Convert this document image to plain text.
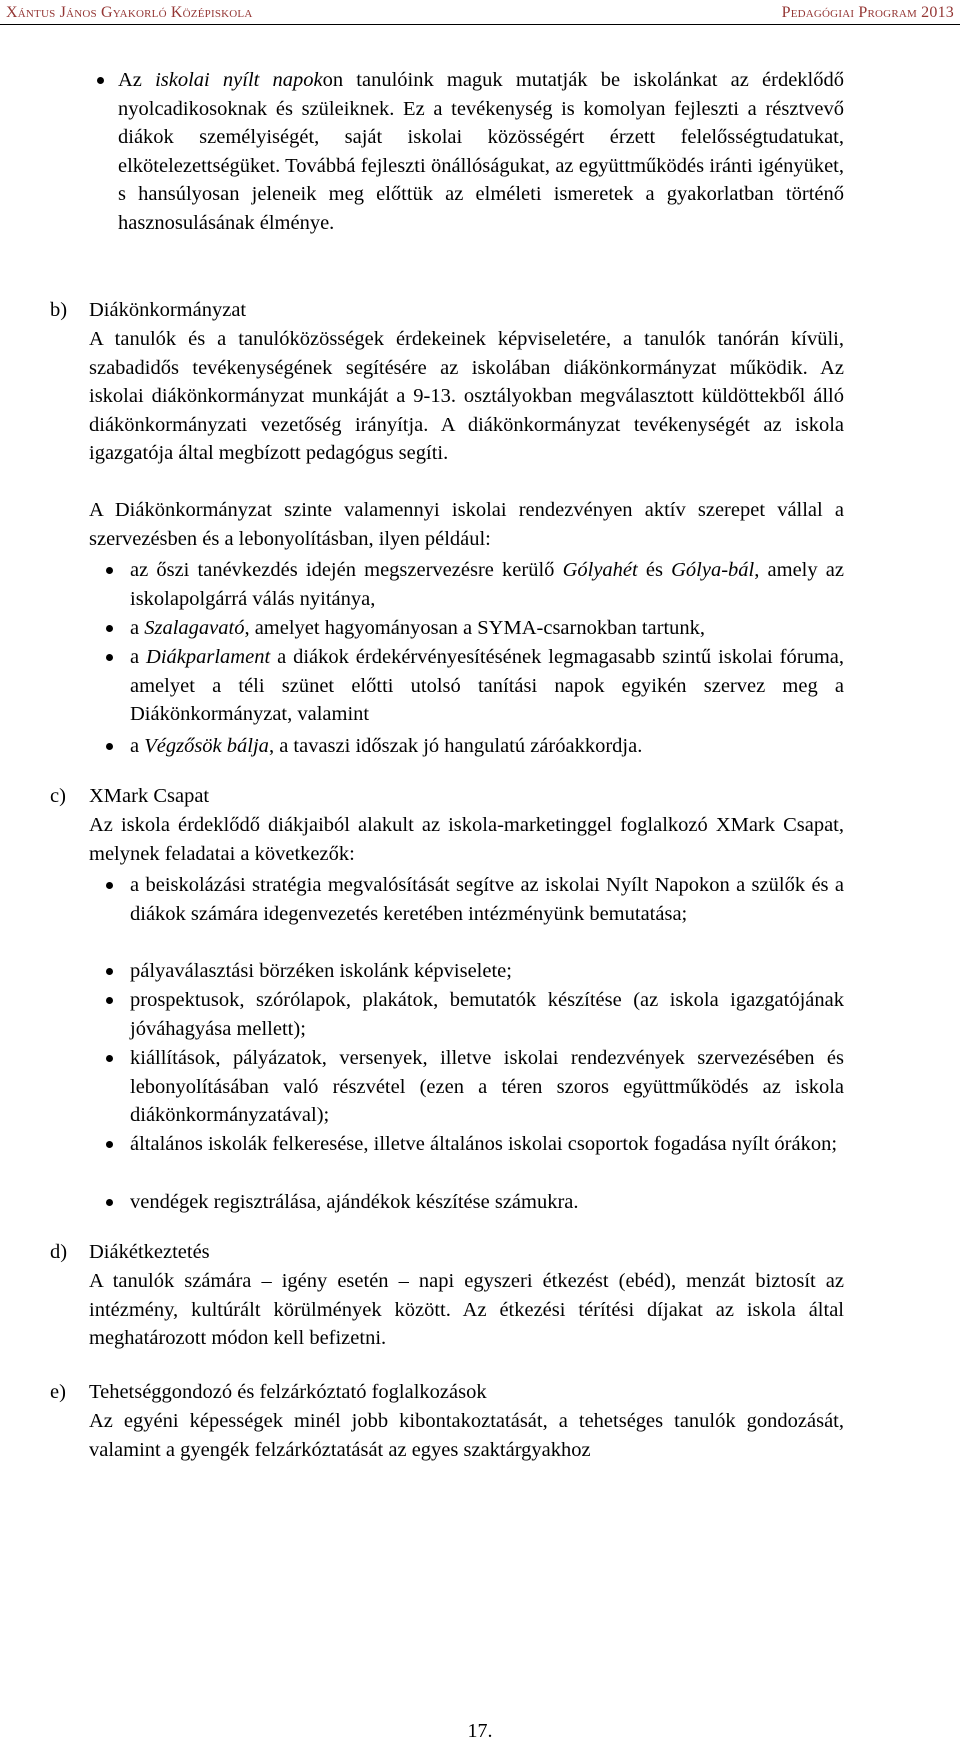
Xántus János Gyakorló Középiskola	Pedagógiai Program 2013
Az iskolai nyílt napokon tanulóink maguk mutatják be iskolánkat az érdeklődő nyolcadikosoknak és szüleiknek. Ez a tevékenység is komolyan fejleszti a résztvevő diákok személyiségét, saját iskolai közösségért érzett felelősségtudatukat, elkötelezettségüket. Továbbá fejleszti önállóságukat, az együttműködés iránti igényüket, s hansúlyosan jeleneik meg előttük az elméleti ismeretek a gyakorlatban történő hasznosulásának élménye.
b) Diákönkormányzat
A tanulók és a tanulóközösségek érdekeinek képviseletére, a tanulók tanórán kívüli, szabadidős tevékenységének segítésére az iskolában diákönkormányzat működik. Az iskolai diákönkormányzat munkáját a 9-13. osztályokban megválasztott küldöttekből álló diákönkormányzati vezetőség irányítja. A diákönkormányzat tevékenységét az iskola igazgatója által megbízott pedagógus segíti.
A Diákönkormányzat szinte valamennyi iskolai rendezvényen aktív szerepet vállal a szervezésben és a lebonyolításban, ilyen például:
az őszi tanévkezdés idején megszervezésre kerülő Gólyahét és Gólya-bál, amely az iskolapolgárrá válás nyitánya,
a Szalagavató, amelyet hagyományosan a SYMA-csarnokban tartunk,
a Diákparlament a diákok érdekérvényesítésének legmagasabb szintű iskolai fóruma, amelyet a téli szünet előtti utolsó tanítási napok egyikén szervez meg a Diákönkormányzat, valamint
a Végzősök bálja, a tavaszi időszak jó hangulatú záróakkordja.
c) XMark Csapat
Az iskola érdeklődő diákjaiból alakult az iskola-marketinggel foglalkozó XMark Csapat, melynek feladatai a következők:
a beiskolázási stratégia megvalósítását segítve az iskolai Nyílt Napokon a szülők és a diákok számára idegenvezetés keretében intézményünk bemutatása;
pályaválasztási börzéken iskolánk képviselete;
prospektusok, szórólapok, plakátok, bemutatók készítése (az iskola igazgatójának jóváhagyása mellett);
kiállítások, pályázatok, versenyek, illetve iskolai rendezvények szervezésében és lebonyolításában való részvétel (ezen a téren szoros együttműködés az iskola diákönkormányzatával);
általános iskolák felkeresése, illetve általános iskolai csoportok fogadása nyílt órákon;
vendégek regisztrálása, ajándékok készítése számukra.
d) Diákétkeztetés
A tanulók számára – igény esetén – napi egyszeri étkezést (ebéd), menzát biztosít az intézmény, kultúrált körülmények között. Az étkezési térítési díjakat az iskola által meghatározott módon kell befizetni.
e) Tehetséggondozó és felzárkóztató foglalkozások
Az egyéni képességek minél jobb kibontakoztatását, a tehetséges tanulók gondozását, valamint a gyengék felzárkóztatását az egyes szaktárgyakhoz
17.
